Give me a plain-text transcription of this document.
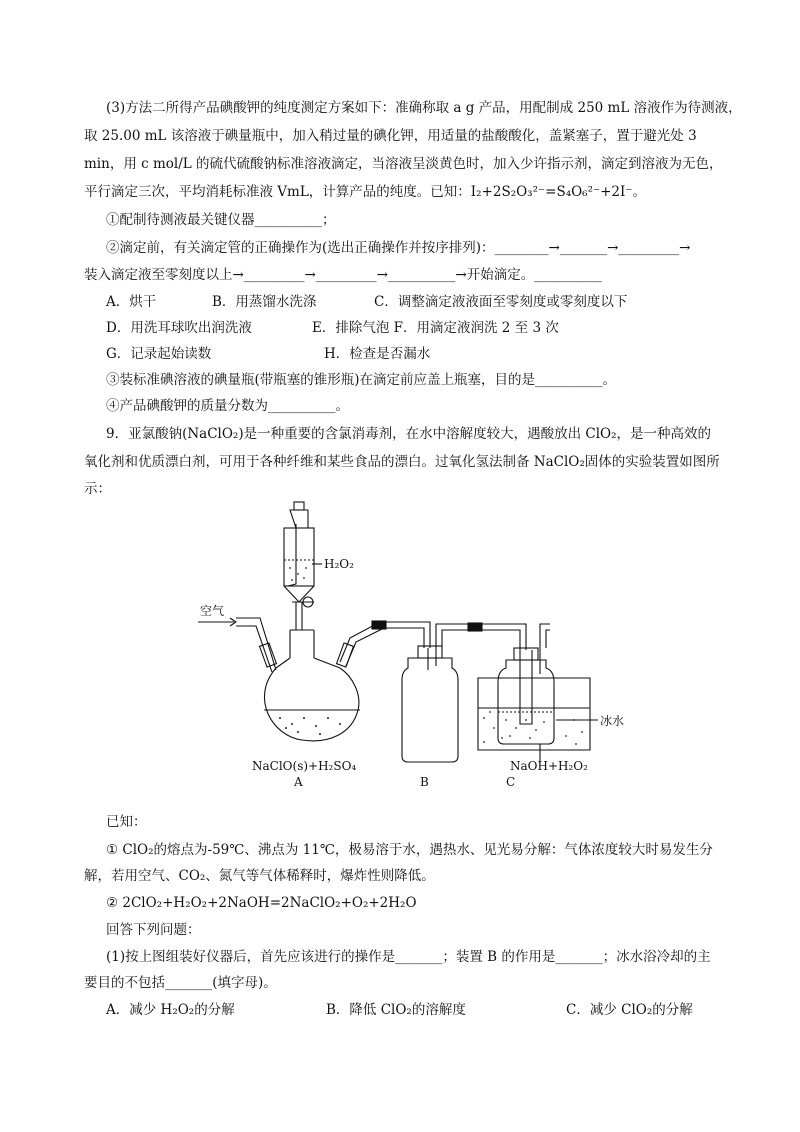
(3)方法二所得产品碘酸钾的纯度测定方案如下：准确称取 a g 产品，用配制成 250 mL 溶液作为待测液，
取 25.00 mL 该溶液于碘量瓶中，加入稍过量的碘化钾，用适量的盐酸酸化，盖紧塞子，置于避光处 3
min，用 c mol/L 的硫代硫酸钠标准溶液滴定，当溶液呈淡黄色时，加入少许指示剂，滴定到溶液为无色，
平行滴定三次，平均消耗标准液 VmL，计算产品的纯度。已知：I₂+2S₂O₃²⁻=S₄O₆²⁻+2I⁻。
①配制待测液最关键仪器__________；
②滴定前，有关滴定管的正确操作为(选出正确操作并按序排列)：________→_______→_________→
装入滴定液至零刻度以上→_________→_________→__________→开始滴定。__________
A．烘干	B．用蒸馏水洗涤	C．调整滴定液液面至零刻度或零刻度以下
D．用洗耳球吹出润洗液	E．排除气泡 F．用滴定液润洗 2 至 3 次
G．记录起始读数	H．检查是否漏水
③装标准碘溶液的碘量瓶(带瓶塞的锥形瓶)在滴定前应盖上瓶塞，目的是__________。
④产品碘酸钾的质量分数为__________。
9．亚氯酸钠(NaClO₂)是一种重要的含氯消毒剂，在水中溶解度较大，遇酸放出 ClO₂，是一种高效的
氧化剂和优质漂白剂，可用于各种纤维和某些食品的漂白。过氧化氢法制备 NaClO₂固体的实验装置如图所
示：
空气
H₂O₂
冰水
NaClO(s)+H₂SO₄
A	B
NaOH+H₂O₂
C
已知：
① ClO₂的熔点为-59℃、沸点为 11℃，极易溶于水，遇热水、见光易分解：气体浓度较大时易发生分
解，若用空气、CO₂、氮气等气体稀释时，爆炸性则降低。
② 2ClO₂+H₂O₂+2NaOH=2NaClO₂+O₂+2H₂O
回答下列问题：
(1)按上图组装好仪器后，首先应该进行的操作是_______；装置 B 的作用是_______；冰水浴冷却的主
要目的不包括_______(填字母)。
A．减少 H₂O₂的分解	B．降低 ClO₂的溶解度	C．减少 ClO₂的分解
